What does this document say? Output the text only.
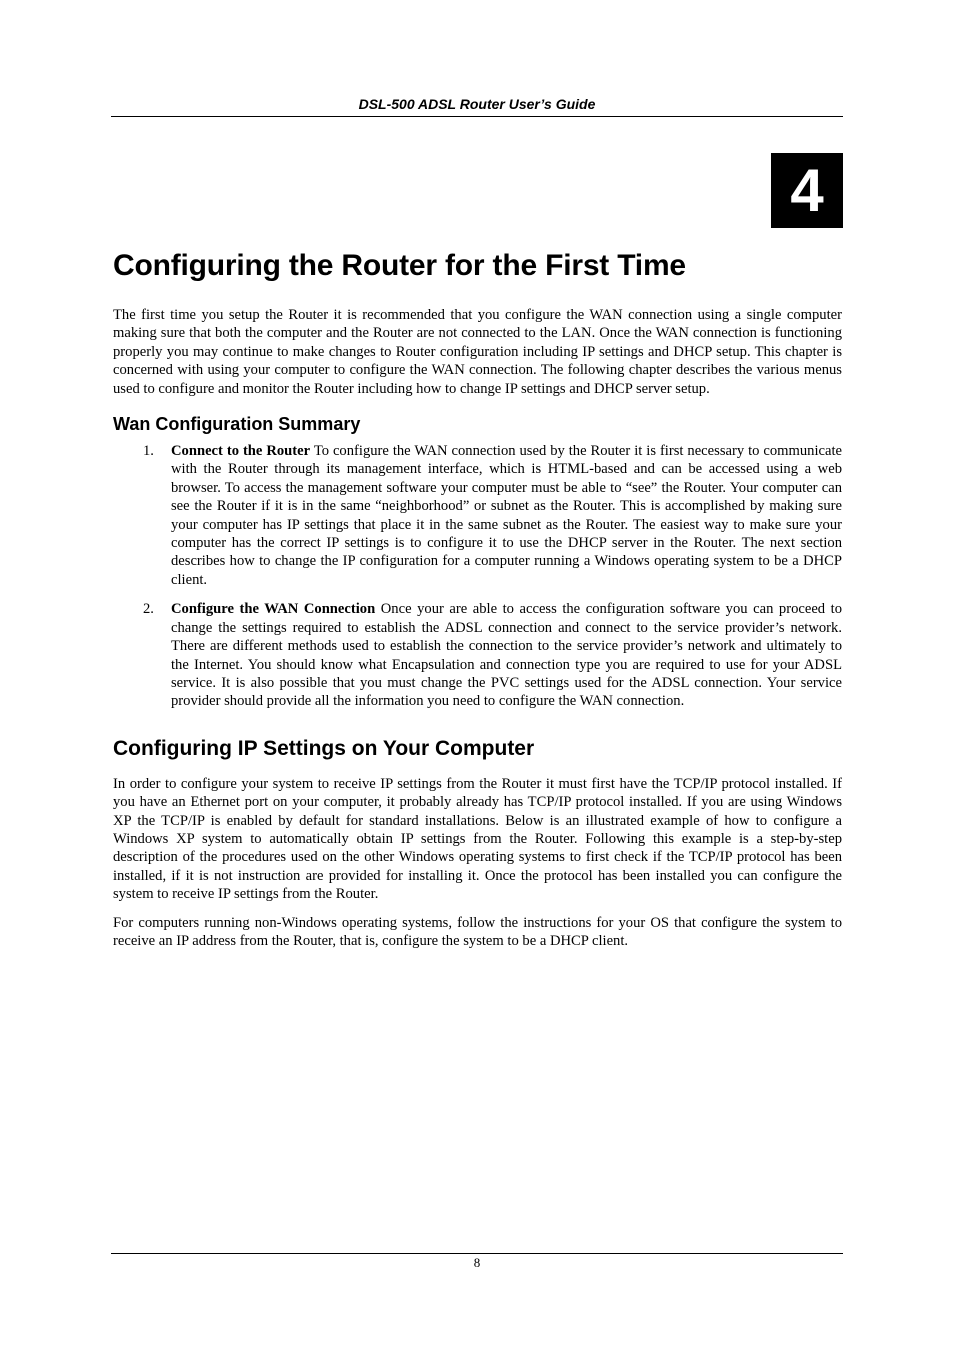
DSL-500 ADSL Router User’s Guide
4
Configuring the Router for the First Time

The first time you setup the Router it is recommended that you configure the WAN connection using a single computer making sure that both the computer and the Router are not connected to the LAN. Once the WAN connection is functioning properly you may continue to make changes to Router configuration including IP settings and DHCP setup. This chapter is concerned with using your computer to configure the WAN connection. The following chapter describes the various menus used to configure and monitor the Router including how to change IP settings and DHCP server setup.

Wan Configuration Summary
1. Connect to the Router To configure the WAN connection used by the Router it is first necessary to communicate with the Router through its management interface, which is HTML-based and can be accessed using a web browser. To access the management software your computer must be able to “see” the Router. Your computer can see the Router if it is in the same “neighborhood” or subnet as the Router. This is accomplished by making sure your computer has IP settings that place it in the same subnet as the Router. The easiest way to make sure your computer has the correct IP settings is to configure it to use the DHCP server in the Router. The next section describes how to change the IP configuration for a computer running a Windows operating system to be a DHCP client.
2. Configure the WAN Connection Once your are able to access the configuration software you can proceed to change the settings required to establish the ADSL connection and connect to the service provider’s network. There are different methods used to establish the connection to the service provider’s network and ultimately to the Internet. You should know what Encapsulation and connection type you are required to use for your ADSL service. It is also possible that you must change the PVC settings used for the ADSL connection. Your service provider should provide all the information you need to configure the WAN connection.
Configuring IP Settings on Your Computer

In order to configure your system to receive IP settings from the Router it must first have the TCP/IP protocol installed. If you have an Ethernet port on your computer, it probably already has TCP/IP protocol installed. If you are using Windows XP the TCP/IP is enabled by default for standard installations. Below is an illustrated example of how to configure a Windows XP system to automatically obtain IP settings from the Router. Following this example is a step-by-step description of the procedures used on the other Windows operating systems to first check if the TCP/IP protocol has been installed, if it is not instruction are provided for installing it. Once the protocol has been installed you can configure the system to receive IP settings from the Router.

For computers running non-Windows operating systems, follow the instructions for your OS that configure the system to receive an IP address from the Router, that is, configure the system to be a DHCP client.

8
